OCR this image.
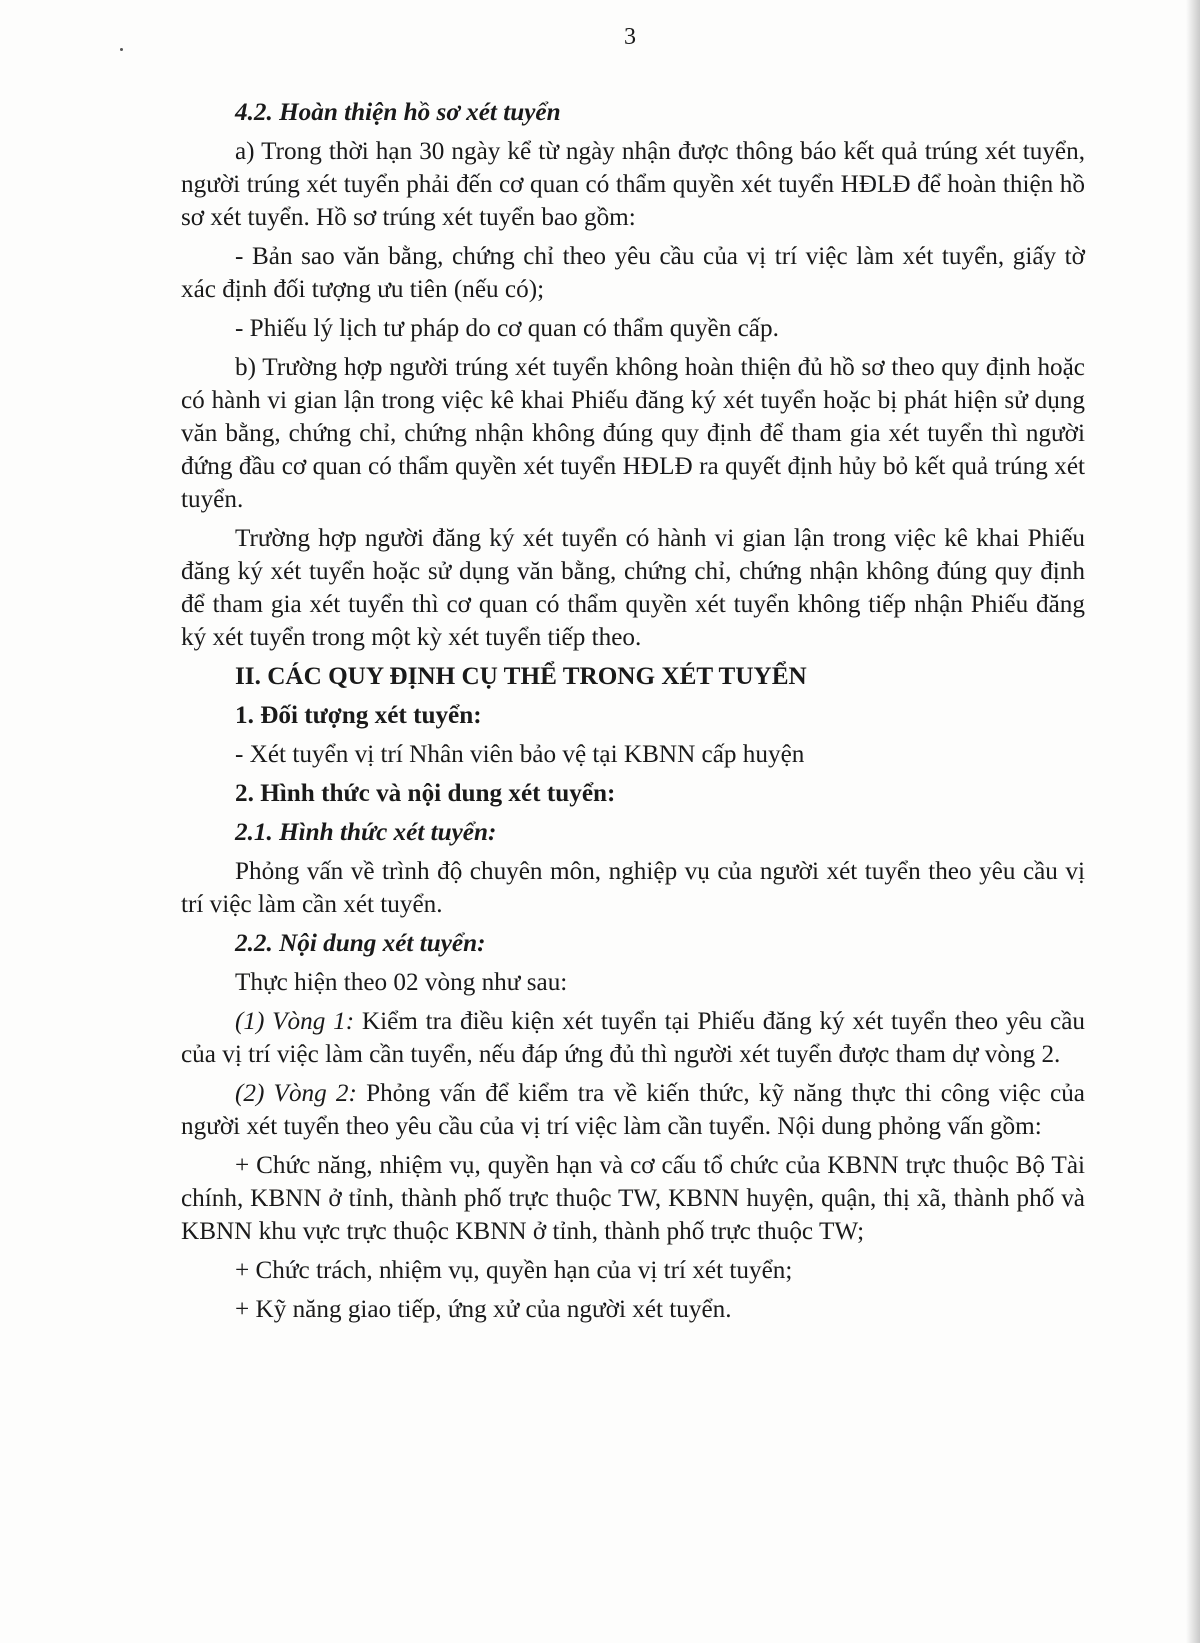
3

4.2. Hoàn thiện hồ sơ xét tuyển

a) Trong thời hạn 30 ngày kể từ ngày nhận được thông báo kết quả trúng xét tuyển, người trúng xét tuyển phải đến cơ quan có thẩm quyền xét tuyển HĐLĐ để hoàn thiện hồ sơ xét tuyển. Hồ sơ trúng xét tuyển bao gồm:

- Bản sao văn bằng, chứng chỉ theo yêu cầu của vị trí việc làm xét tuyển, giấy tờ xác định đối tượng ưu tiên (nếu có);

- Phiếu lý lịch tư pháp do cơ quan có thẩm quyền cấp.

b) Trường hợp người trúng xét tuyển không hoàn thiện đủ hồ sơ theo quy định hoặc có hành vi gian lận trong việc kê khai Phiếu đăng ký xét tuyển hoặc bị phát hiện sử dụng văn bằng, chứng chỉ, chứng nhận không đúng quy định để tham gia xét tuyển thì người đứng đầu cơ quan có thẩm quyền xét tuyển HĐLĐ ra quyết định hủy bỏ kết quả trúng xét tuyển.

Trường hợp người đăng ký xét tuyển có hành vi gian lận trong việc kê khai Phiếu đăng ký xét tuyển hoặc sử dụng văn bằng, chứng chỉ, chứng nhận không đúng quy định để tham gia xét tuyển thì cơ quan có thẩm quyền xét tuyển không tiếp nhận Phiếu đăng ký xét tuyển trong một kỳ xét tuyển tiếp theo.

II. CÁC QUY ĐỊNH CỤ THỂ TRONG XÉT TUYỂN

1. Đối tượng xét tuyển:

- Xét tuyển vị trí Nhân viên bảo vệ tại KBNN cấp huyện

2. Hình thức và nội dung xét tuyển:

2.1. Hình thức xét tuyển:

Phỏng vấn về trình độ chuyên môn, nghiệp vụ của người xét tuyển theo yêu cầu vị trí việc làm cần xét tuyển.

2.2. Nội dung xét tuyển:

Thực hiện theo 02 vòng như sau:

(1) Vòng 1: Kiểm tra điều kiện xét tuyển tại Phiếu đăng ký xét tuyển theo yêu cầu của vị trí việc làm cần tuyển, nếu đáp ứng đủ thì người xét tuyển được tham dự vòng 2.

(2) Vòng 2: Phỏng vấn để kiểm tra về kiến thức, kỹ năng thực thi công việc của người xét tuyển theo yêu cầu của vị trí việc làm cần tuyển. Nội dung phỏng vấn gồm:

+ Chức năng, nhiệm vụ, quyền hạn và cơ cấu tổ chức của KBNN trực thuộc Bộ Tài chính, KBNN ở tỉnh, thành phố trực thuộc TW, KBNN huyện, quận, thị xã, thành phố và KBNN khu vực trực thuộc KBNN ở tỉnh, thành phố trực thuộc TW;

+ Chức trách, nhiệm vụ, quyền hạn của vị trí xét tuyển;

+ Kỹ năng giao tiếp, ứng xử của người xét tuyển.
